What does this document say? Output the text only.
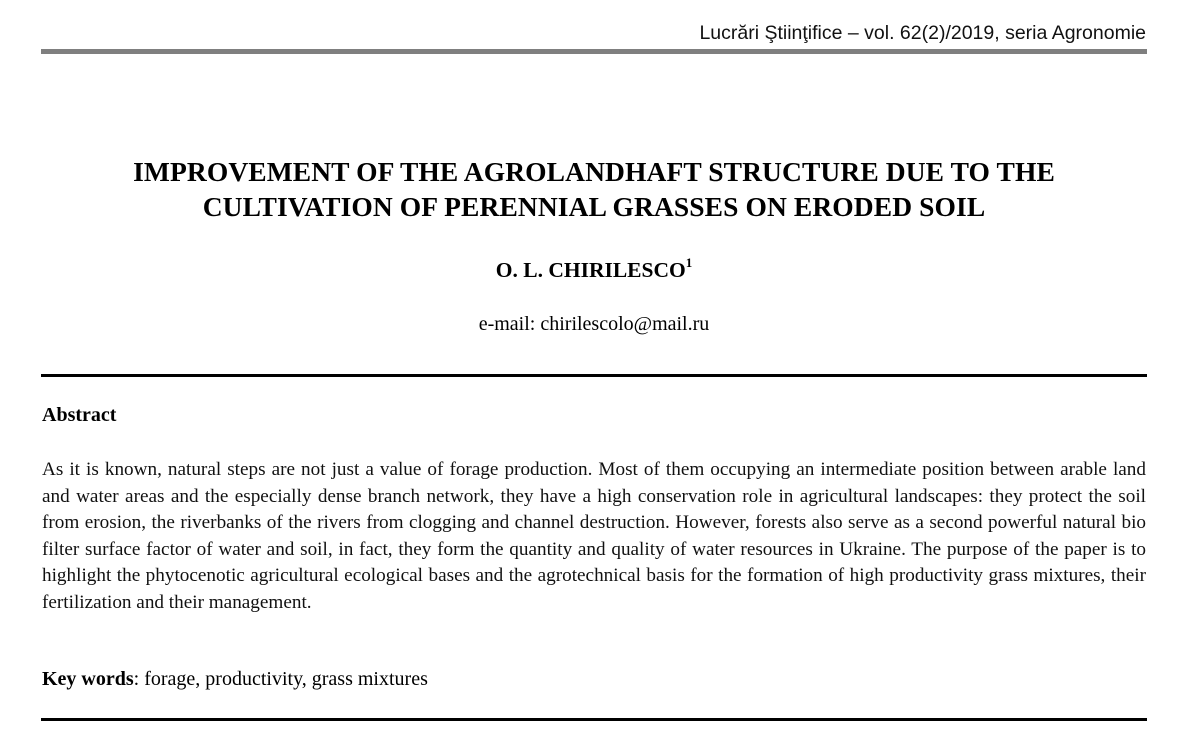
Lucrări Ştiinţifice – vol. 62(2)/2019, seria Agronomie
IMPROVEMENT OF THE AGROLANDHAFT STRUCTURE DUE TO THE
CULTIVATION OF PERENNIAL GRASSES ON ERODED SOIL
O. L. CHIRILESCO$^1$
e-mail: chirilescolo@mail.ru
Abstract
As it is known, natural steps are not just a value of forage production. Most of them occupying an intermediate position between arable land and water areas and the especially dense branch network, they have a high conservation role in agricultural landscapes: they protect the soil from erosion, the riverbanks of the rivers from clogging and channel destruction. However, forests also serve as a second powerful natural bio filter surface factor of water and soil, in fact, they form the quantity and quality of water resources in Ukraine. The purpose of the paper is to highlight the phytocenotic agricultural ecological bases and the agrotechnical basis for the formation of high productivity grass mixtures, their fertilization and their management.
Key words: forage, productivity, grass mixtures
